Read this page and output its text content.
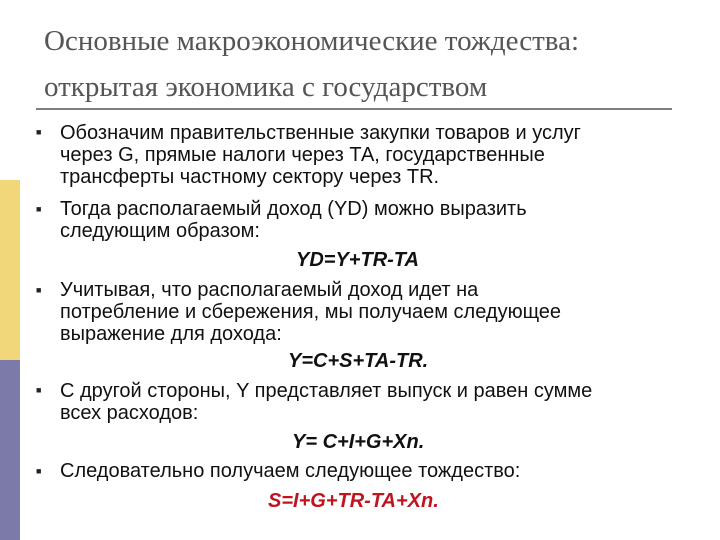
Основные макроэкономические тождества:
открытая экономика с государством
■ Обозначим правительственные закупки товаров и услуг
через G, прямые налоги через ТА, государственные
трансферты частному сектору через TR.
■ Тогда располагаемый доход (YD) можно выразить
следующим образом:
YD=Y+TR-TA
■ Учитывая, что располагаемый доход идет на
потребление и сбережения, мы получаем следующее
выражение для дохода:
Y=C+S+TA-TR.
■ С другой стороны, Y представляет выпуск и равен сумме
всех расходов:
Y= C+I+G+Xn.
■ Следовательно получаем следующее тождество:
S=I+G+TR-TA+Xn.
